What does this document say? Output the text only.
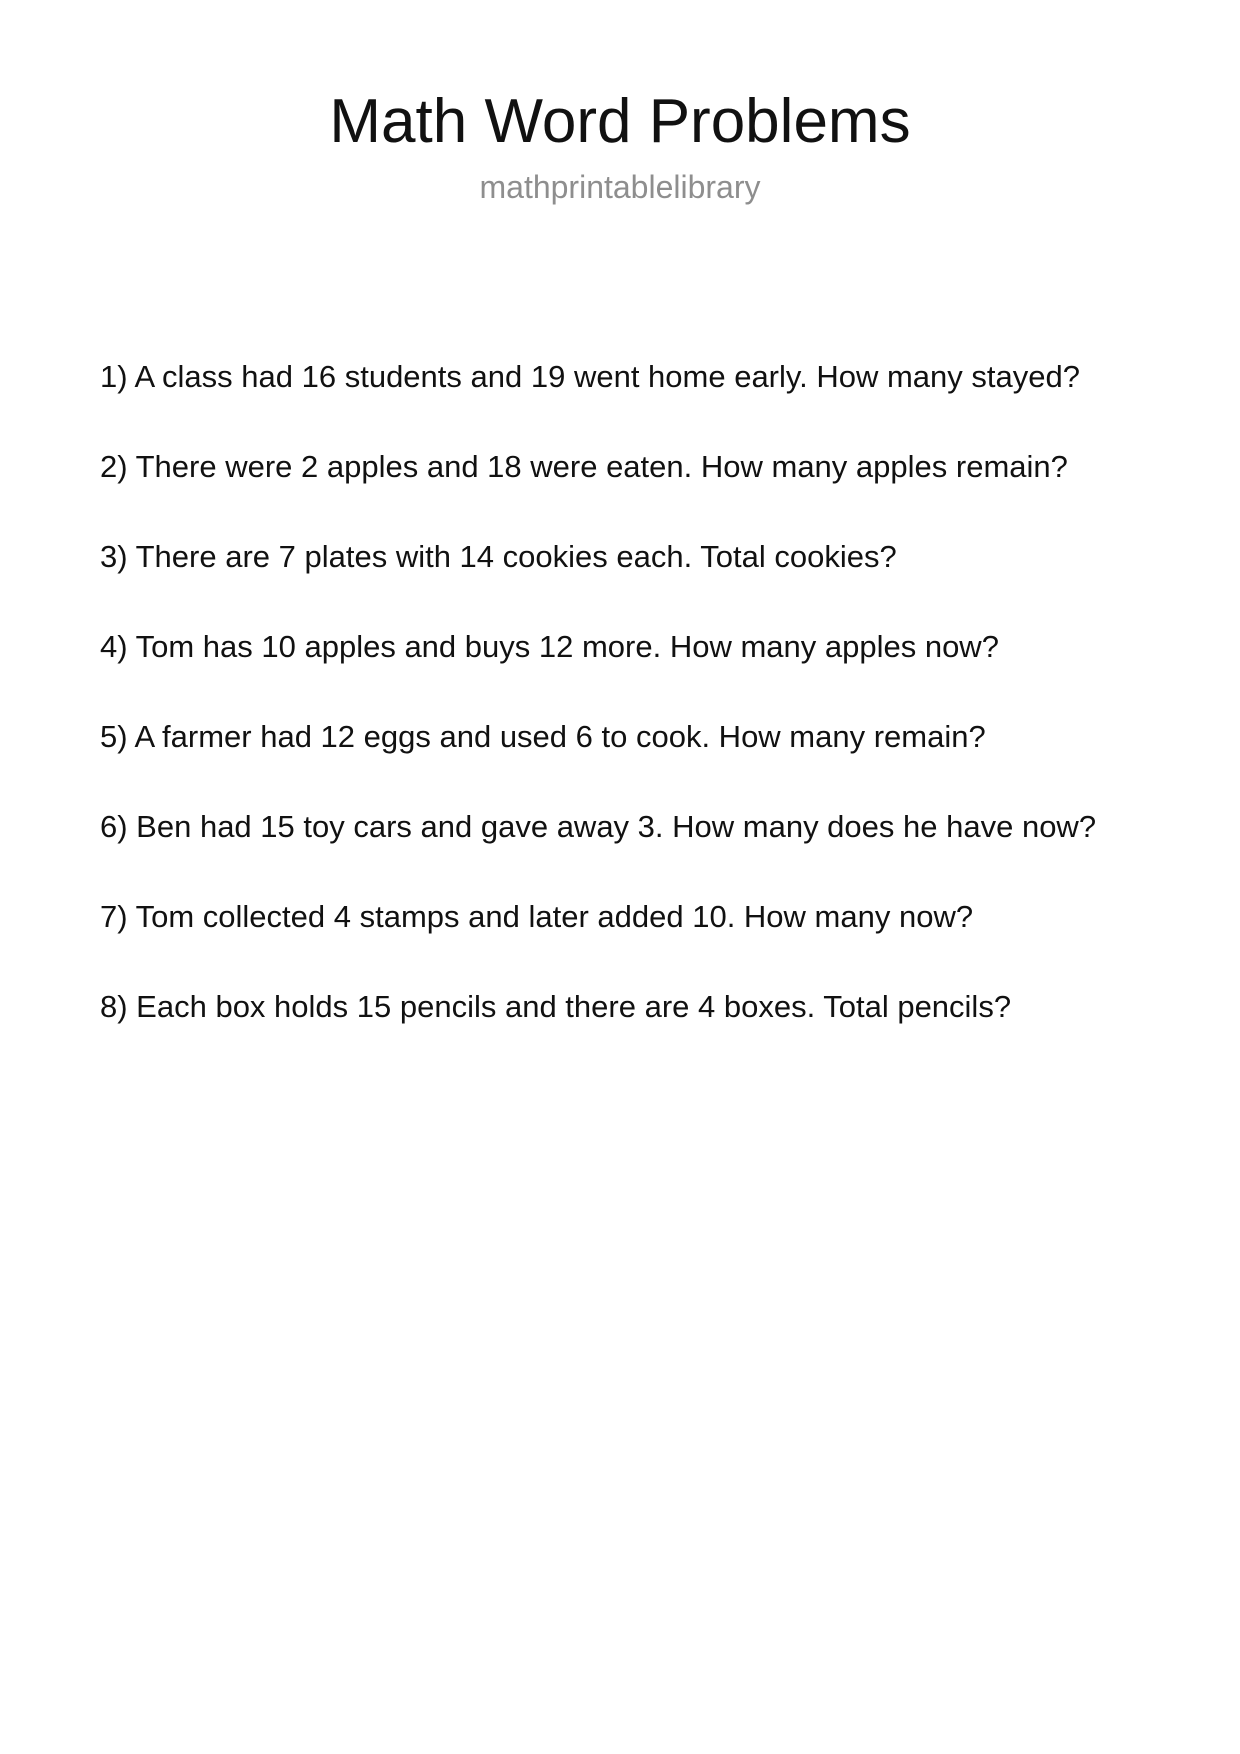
Math Word Problems
mathprintablelibrary
1) A class had 16 students and 19 went home early. How many stayed?
2) There were 2 apples and 18 were eaten. How many apples remain?
3) There are 7 plates with 14 cookies each. Total cookies?
4) Tom has 10 apples and buys 12 more. How many apples now?
5) A farmer had 12 eggs and used 6 to cook. How many remain?
6) Ben had 15 toy cars and gave away 3. How many does he have now?
7) Tom collected 4 stamps and later added 10. How many now?
8) Each box holds 15 pencils and there are 4 boxes. Total pencils?
